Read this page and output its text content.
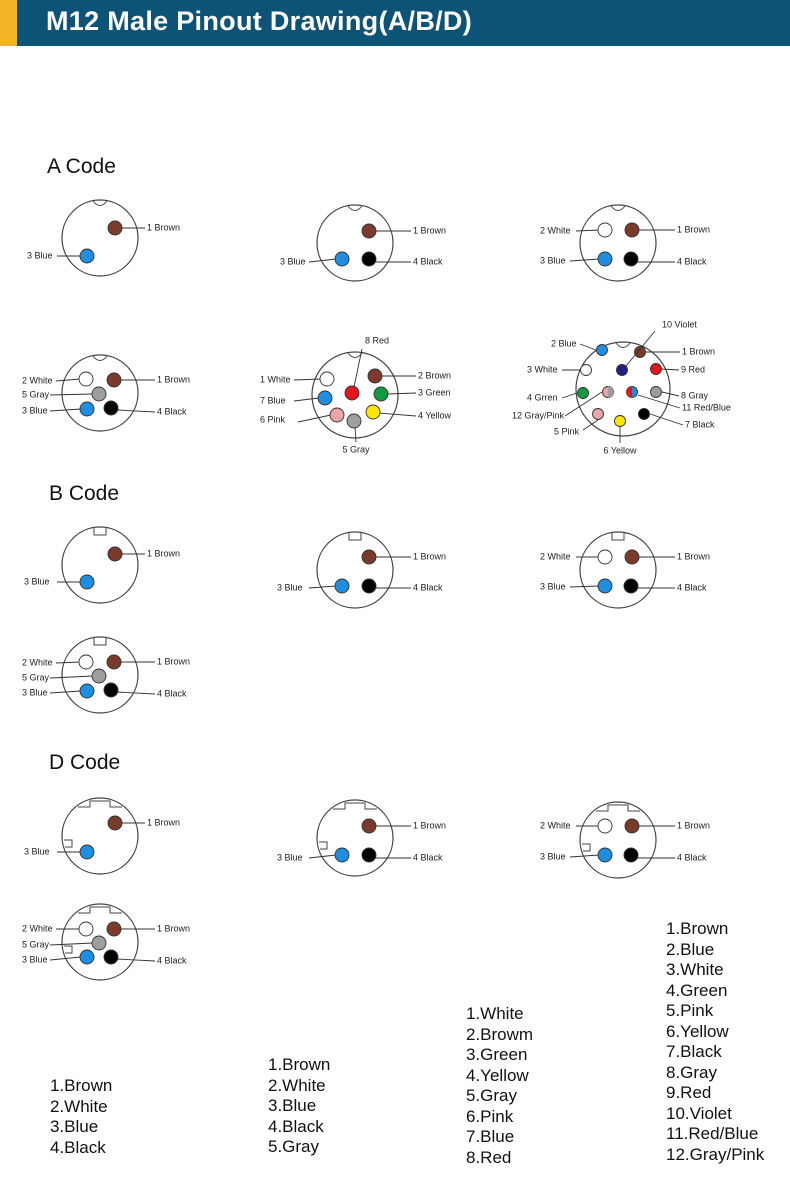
M12 Male Pinout Drawing(A/B/D)
A Code
B Code
D Code
1 Brown
3 Blue
1 Brown
3 Blue	4 Black
1 Brown
2 White
3 Blue	4 Black
1 Brown
2 White
3 Blue	4 Black
5 Gray
1 White	2 Brown
3 Green
4 Yellow
5 Gray
6 Pink
7 Blue
8 Red
1 Brown
2 Blue
3 White
4 Grren
5 Pink
6 Yellow
7 Black
8 Gray
9 Red
10 Violet
11 Red/Blue
12 Gray/Pink
1 Brown
3 Blue
1 Brown
3 Blue	4 Black
1 Brown
2 White
3 Blue	4 Black
1 Brown
2 White
3 Blue	4 Black
5 Gray
1 Brown
3 Blue
1 Brown
3 Blue	4 Black
1 Brown
2 White
3 Blue	4 Black
1 Brown
2 White
3 Blue	4 Black
5 Gray
1.Brown
2.White
3.Blue
4.Black
1.Brown
2.White
3.Blue
4.Black
5.Gray
1.White
2.Browm
3.Green
4.Yellow
5.Gray
6.Pink
7.Blue
8.Red
1.Brown
2.Blue
3.White
4.Green
5.Pink
6.Yellow
7.Black
8.Gray
9.Red
10.Violet
11.Red/Blue
12.Gray/Pink
